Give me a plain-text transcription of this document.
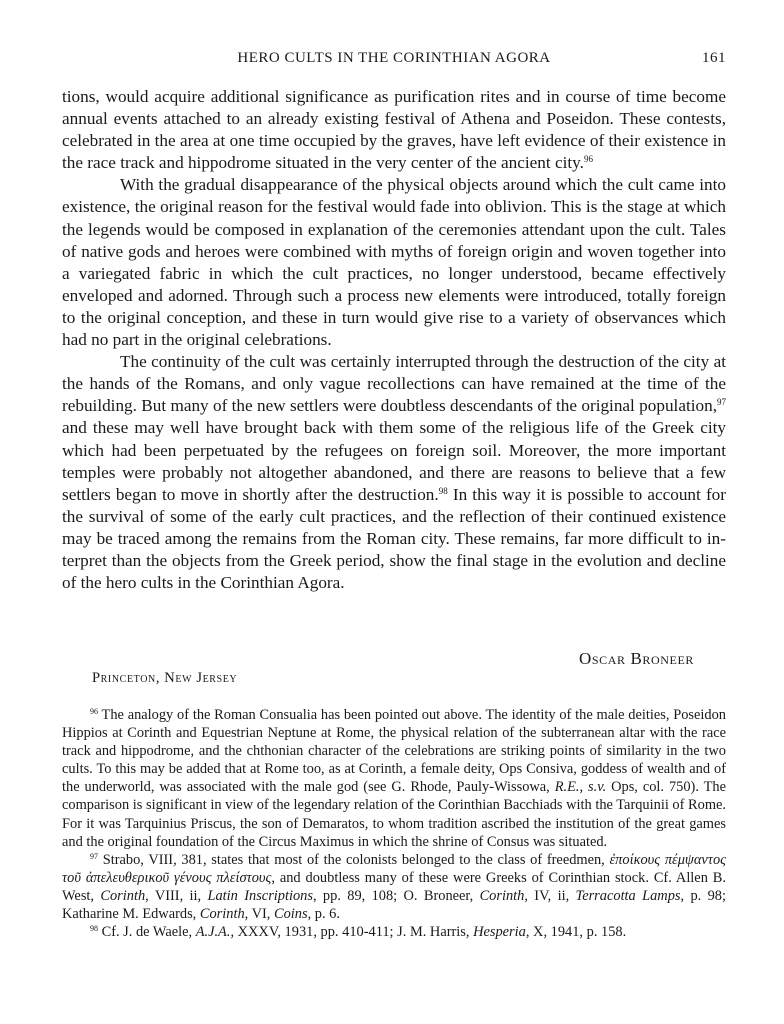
HERO CULTS IN THE CORINTHIAN AGORA	161

tions, would acquire additional significance as purification rites and in course of time become annual events attached to an already existing festival of Athena and Poseidon. These contests, celebrated in the area at one time occupied by the graves, have left evidence of their existence in the race track and hippodrome situated in the very center of the ancient city.$^{96}$

With the gradual disappearance of the physical objects around which the cult came into existence, the original reason for the festival would fade into oblivion. This is the stage at which the legends would be composed in explanation of the ceremonies attendant upon the cult. Tales of native gods and heroes were combined with myths of foreign origin and woven together into a variegated fabric in which the cult practices, no longer understood, became effectively enveloped and adorned. Through such a process new elements were introduced, totally foreign to the original conception, and these in turn would give rise to a variety of observances which had no part in the original celebrations.

The continuity of the cult was certainly interrupted through the destruction of the city at the hands of the Romans, and only vague recollections can have remained at the time of the rebuilding. But many of the new settlers were doubtless descendants of the original population,$^{97}$ and these may well have brought back with them some of the religious life of the Greek city which had been perpetuated by the refugees on foreign soil. Moreover, the more important temples were probably not altogether abandoned, and there are reasons to believe that a few settlers began to move in shortly after the destruction.$^{98}$ In this way it is possible to account for the survival of some of the early cult practices, and the reflection of their continued existence may be traced among the remains from the Roman city. These remains, far more difficult to interpret than the objects from the Greek period, show the final stage in the evolution and decline of the hero cults in the Corinthian Agora.

Oscar Broneer
Princeton, New Jersey

$^{96}$ The analogy of the Roman Consualia has been pointed out above. The identity of the male deities, Poseidon Hippios at Corinth and Equestrian Neptune at Rome, the physical relation of the subterranean altar with the race track and hippodrome, and the chthonian character of the celebrations are striking points of similarity in the two cults. To this may be added that at Rome too, as at Corinth, a female deity, Ops Consiva, goddess of wealth and of the underworld, was associated with the male god (see G. Rhode, Pauly-Wissowa, R.E., s.v. Ops, col. 750). The comparison is significant in view of the legendary relation of the Corinthian Bacchiads with the Tarquinii of Rome. For it was Tarquinius Priscus, the son of Demaratos, to whom tradition ascribed the institution of the great games and the original foundation of the Circus Maximus in which the shrine of Consus was situated.

$^{97}$ Strabo, VIII, 381, states that most of the colonists belonged to the class of freedmen, ἐποίκους πέμψαντος τοῦ ἀπελευθερικοῦ γένους πλείστους, and doubtless many of these were Greeks of Corinthian stock. Cf. Allen B. West, Corinth, VIII, ii, Latin Inscriptions, pp. 89, 108; O. Broneer, Corinth, IV, ii, Terracotta Lamps, p. 98; Katharine M. Edwards, Corinth, VI, Coins, p. 6.

$^{98}$ Cf. J. de Waele, A.J.A., XXXV, 1931, pp. 410-411; J. M. Harris, Hesperia, X, 1941, p. 158.
